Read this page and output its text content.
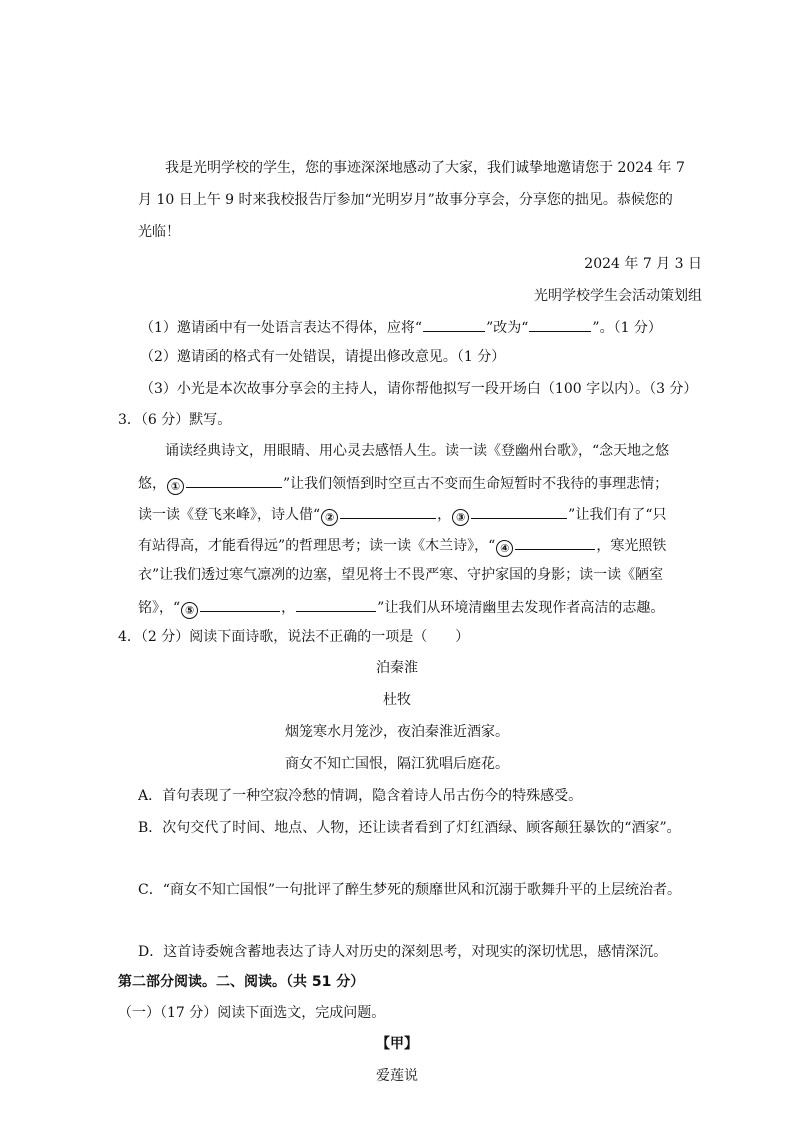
我是光明学校的学生，您的事迹深深地感动了大家，我们诚挚地邀请您于 2024 年 7
月 10 日上午 9 时来我校报告厅参加“光明岁月”故事分享会，分享您的拙见。恭候您的
光临！
2024 年 7 月 3 日
光明学校学生会活动策划组
（1）邀请函中有一处语言表达不得体，应将“	”改为“	”。（1 分）
（2）邀请函的格式有一处错误，请提出修改意见。（1 分）
（3）小光是本次故事分享会的主持人，请你帮他拟写一段开场白（100 字以内）。（3 分）
3．（6 分）默写。
诵读经典诗文，用眼睛、用心灵去感悟人生。读一读《登幽州台歌》，“念天地之悠
悠， ①	”让我们领悟到时空亘古不变而生命短暂时不我待的事理悲情；
读一读《登飞来峰》，诗人借“ ②	， ③	”让我们有了“只
有站得高，才能看得远”的哲理思考；读一读《木兰诗》，“ ④	，寒光照铁
衣”让我们透过寒气凛冽的边塞，望见将士不畏严寒、守护家国的身影；读一读《陋室
铭》，“ ⑤	，	”让我们从环境清幽里去发现作者高洁的志趣。
4．（2 分）阅读下面诗歌，说法不正确的一项是（　　）
泊秦淮
杜牧
烟笼寒水月笼沙，夜泊秦淮近酒家。
商女不知亡国恨，隔江犹唱后庭花。
A．首句表现了一种空寂冷愁的情调，隐含着诗人吊古伤今的特殊感受。
B．次句交代了时间、地点、人物，还让读者看到了灯红酒绿、顾客颠狂暴饮的“酒家”。
C．“商女不知亡国恨”一句批评了醉生梦死的颓靡世风和沉溺于歌舞升平的上层统治者。
D．这首诗委婉含蓄地表达了诗人对历史的深刻思考，对现实的深切忧思，感情深沉。
第二部分阅读。二、阅读。（共 51 分）
（一）（17 分）阅读下面选文，完成问题。
【甲】
爱莲说
